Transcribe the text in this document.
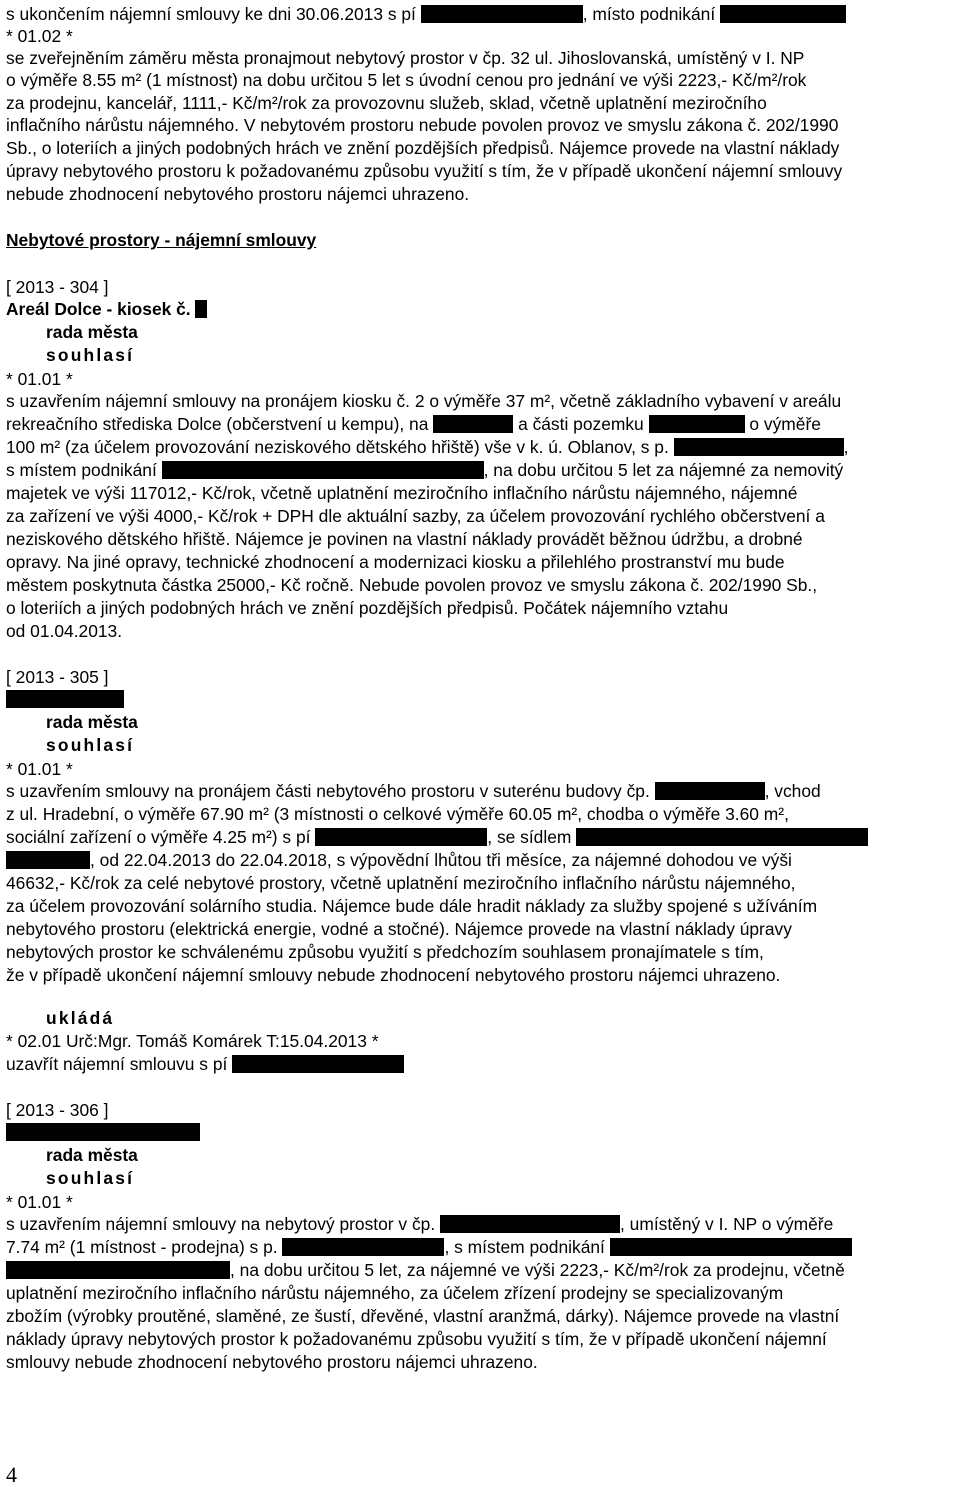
s ukončením nájemní smlouvy ke dni 30.06.2013 s pí	, místo podnikání
* 01.02 *
se zveřejněním záměru města pronajmout nebytový prostor v čp. 32 ul. Jihoslovanská, umístěný v I. NP
o výměře 8.55 m² (1 místnost) na dobu určitou 5 let s úvodní cenou pro jednání ve výši 2223,- Kč/m²/rok
za prodejnu, kancelář, 1111,- Kč/m²/rok za provozovnu služeb, sklad, včetně uplatnění meziročního
inflačního nárůstu nájemného. V nebytovém prostoru nebude povolen provoz ve smyslu zákona č. 202/1990
Sb., o loteriích a jiných podobných hrách ve znění pozdějších předpisů. Nájemce provede na vlastní náklady
úpravy nebytového prostoru k požadovanému způsobu využití s tím, že v případě ukončení nájemní smlouvy
nebude zhodnocení nebytového prostoru nájemci uhrazeno.
Nebytové prostory - nájemní smlouvy
[ 2013 - 304 ]
Areál Dolce - kiosek č.
rada města
souhlasí
* 01.01 *
s uzavřením nájemní smlouvy na pronájem kiosku č. 2 o výměře 37 m², včetně základního vybavení v areálu
rekreačního střediska Dolce (občerstvení u kempu), na	a části pozemku	o výměře
100 m² (za účelem provozování neziskového dětského hřiště) vše v k. ú. Oblanov, s p.	,
s místem podnikání	, na dobu určitou 5 let za nájemné za nemovitý
majetek ve výši 117012,- Kč/rok, včetně uplatnění meziročního inflačního nárůstu nájemného, nájemné
za zařízení ve výši 4000,- Kč/rok + DPH dle aktuální sazby, za účelem provozování rychlého občerstvení a
neziskového dětského hřiště. Nájemce je povinen na vlastní náklady provádět běžnou údržbu, a drobné
opravy. Na jiné opravy, technické zhodnocení a modernizaci kiosku a přilehlého prostranství mu bude
městem poskytnuta částka 25000,- Kč ročně. Nebude povolen provoz ve smyslu zákona č. 202/1990 Sb.,
o loteriích a jiných podobných hrách ve znění pozdějších předpisů. Počátek nájemního vztahu
od 01.04.2013.
[ 2013 - 305 ]
rada města
souhlasí
* 01.01 *
s uzavřením smlouvy na pronájem části nebytového prostoru v suterénu budovy čp.	, vchod
z ul. Hradební, o výměře 67.90 m² (3 místnosti o celkové výměře 60.05 m², chodba o výměře 3.60 m²,
sociální zařízení o výměře 4.25 m²) s pí	, se sídlem
, od 22.04.2013 do 22.04.2018, s výpovědní lhůtou tři měsíce, za nájemné dohodou ve výši
46632,- Kč/rok za celé nebytové prostory, včetně uplatnění meziročního inflačního nárůstu nájemného,
za účelem provozování solárního studia. Nájemce bude dále hradit náklady za služby spojené s užíváním
nebytového prostoru (elektrická energie, vodné a stočné). Nájemce provede na vlastní náklady úpravy
nebytových prostor ke schválenému způsobu využití s předchozím souhlasem pronajímatele s tím,
že v případě ukončení nájemní smlouvy nebude zhodnocení nebytového prostoru nájemci uhrazeno.
ukládá
* 02.01 Urč:Mgr. Tomáš Komárek T:15.04.2013 *
uzavřít nájemní smlouvu s pí
[ 2013 - 306 ]
rada města
souhlasí
* 01.01 *
s uzavřením nájemní smlouvy na nebytový prostor v čp.	, umístěný v I. NP o výměře
7.74 m² (1 místnost - prodejna) s p.	, s místem podnikání
, na dobu určitou 5 let, za nájemné ve výši 2223,- Kč/m²/rok za prodejnu, včetně
uplatnění meziročního inflačního nárůstu nájemného, za účelem zřízení prodejny se specializovaným
zbožím (výrobky proutěné, slaměné, ze šustí, dřevěné, vlastní aranžmá, dárky). Nájemce provede na vlastní
náklady úpravy nebytových prostor k požadovanému způsobu využití s tím, že v případě ukončení nájemní
smlouvy nebude zhodnocení nebytového prostoru nájemci uhrazeno.
4
